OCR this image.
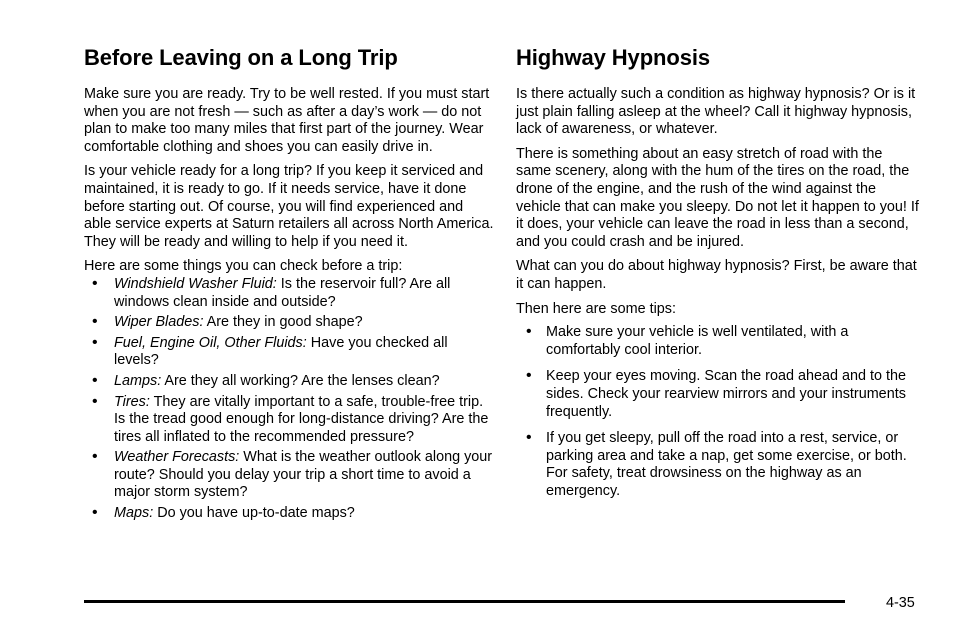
Before Leaving on a Long Trip

Make sure you are ready. Try to be well rested. If you must start when you are not fresh — such as after a day’s work — do not plan to make too many miles that first part of the journey. Wear comfortable clothing and shoes you can easily drive in.

Is your vehicle ready for a long trip? If you keep it serviced and maintained, it is ready to go. If it needs service, have it done before starting out. Of course, you will find experienced and able service experts at Saturn retailers all across North America. They will be ready and willing to help if you need it.

Here are some things you can check before a trip:

• Windshield Washer Fluid: Is the reservoir full? Are all windows clean inside and outside?
• Wiper Blades: Are they in good shape?
• Fuel, Engine Oil, Other Fluids: Have you checked all levels?
• Lamps: Are they all working? Are the lenses clean?
• Tires: They are vitally important to a safe, trouble-free trip. Is the tread good enough for long-distance driving? Are the tires all inflated to the recommended pressure?
• Weather Forecasts: What is the weather outlook along your route? Should you delay your trip a short time to avoid a major storm system?
• Maps: Do you have up-to-date maps?
Highway Hypnosis

Is there actually such a condition as highway hypnosis? Or is it just plain falling asleep at the wheel? Call it highway hypnosis, lack of awareness, or whatever.

There is something about an easy stretch of road with the same scenery, along with the hum of the tires on the road, the drone of the engine, and the rush of the wind against the vehicle that can make you sleepy. Do not let it happen to you! If it does, your vehicle can leave the road in less than a second, and you could crash and be injured.

What can you do about highway hypnosis? First, be aware that it can happen.

Then here are some tips:

• Make sure your vehicle is well ventilated, with a comfortably cool interior.
• Keep your eyes moving. Scan the road ahead and to the sides. Check your rearview mirrors and your instruments frequently.
• If you get sleepy, pull off the road into a rest, service, or parking area and take a nap, get some exercise, or both. For safety, treat drowsiness on the highway as an emergency.
4-35
